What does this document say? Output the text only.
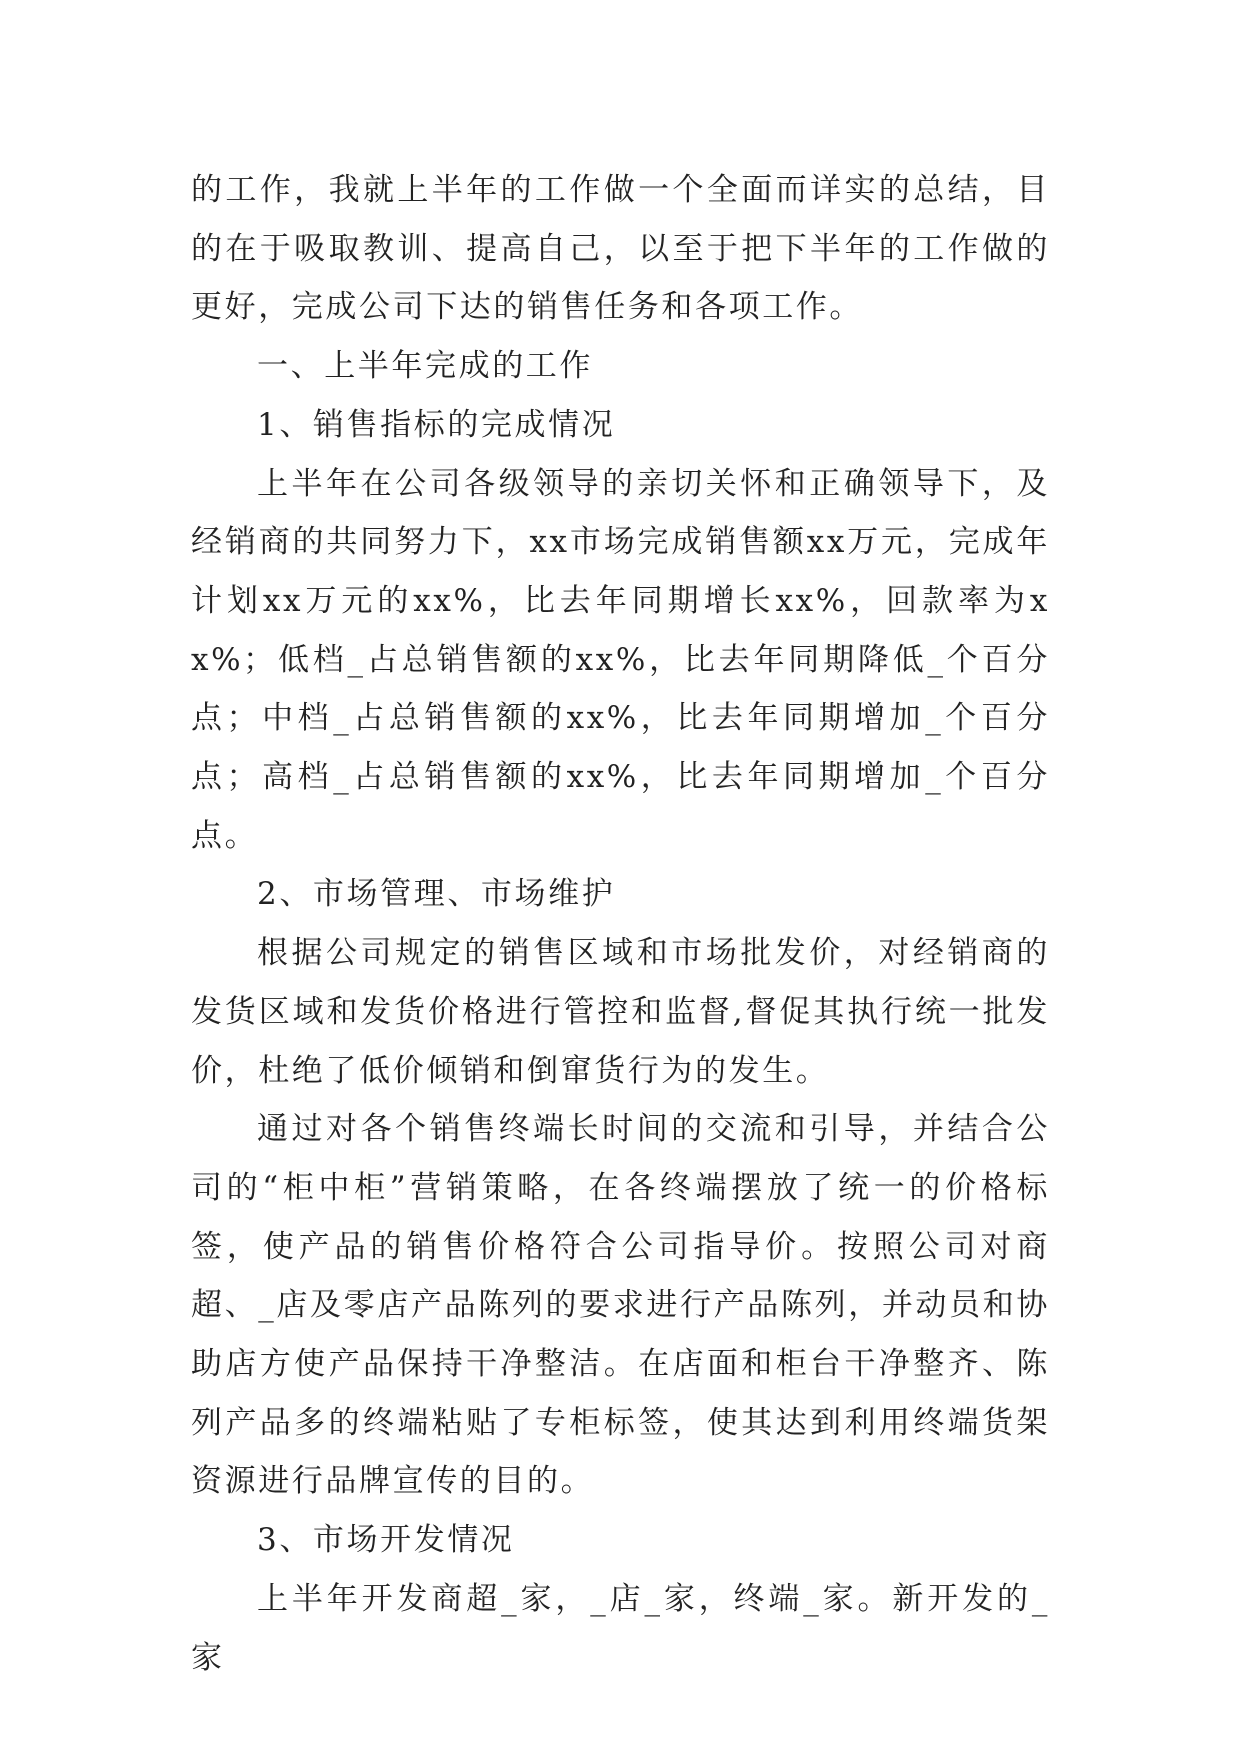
的工作，我就上半年的工作做一个全面而详实的总结，目的在于吸取教训、提高自己，以至于把下半年的工作做的更好，完成公司下达的销售任务和各项工作。

一、上半年完成的工作

1、销售指标的完成情况

上半年在公司各级领导的亲切关怀和正确领导下，及经销商的共同努力下，xx市场完成销售额xx万元，完成年计划xx万元的xx%，比去年同期增长xx%，回款率为xx%；低档_占总销售额的xx%，比去年同期降低_个百分点；中档_占总销售额的xx%，比去年同期增加_个百分点；高档_占总销售额的xx%，比去年同期增加_个百分点。

2、市场管理、市场维护

根据公司规定的销售区域和市场批发价，对经销商的发货区域和发货价格进行管控和监督,督促其执行统一批发价，杜绝了低价倾销和倒窜货行为的发生。

通过对各个销售终端长时间的交流和引导，并结合公司的“柜中柜”营销策略，在各终端摆放了统一的价格标签，使产品的销售价格符合公司指导价。按照公司对商超、_店及零店产品陈列的要求进行产品陈列，并动员和协助店方使产品保持干净整洁。在店面和柜台干净整齐、陈列产品多的终端粘贴了专柜标签，使其达到利用终端货架资源进行品牌宣传的目的。

3、市场开发情况

上半年开发商超_家，_店_家，终端_家。新开发的_家
